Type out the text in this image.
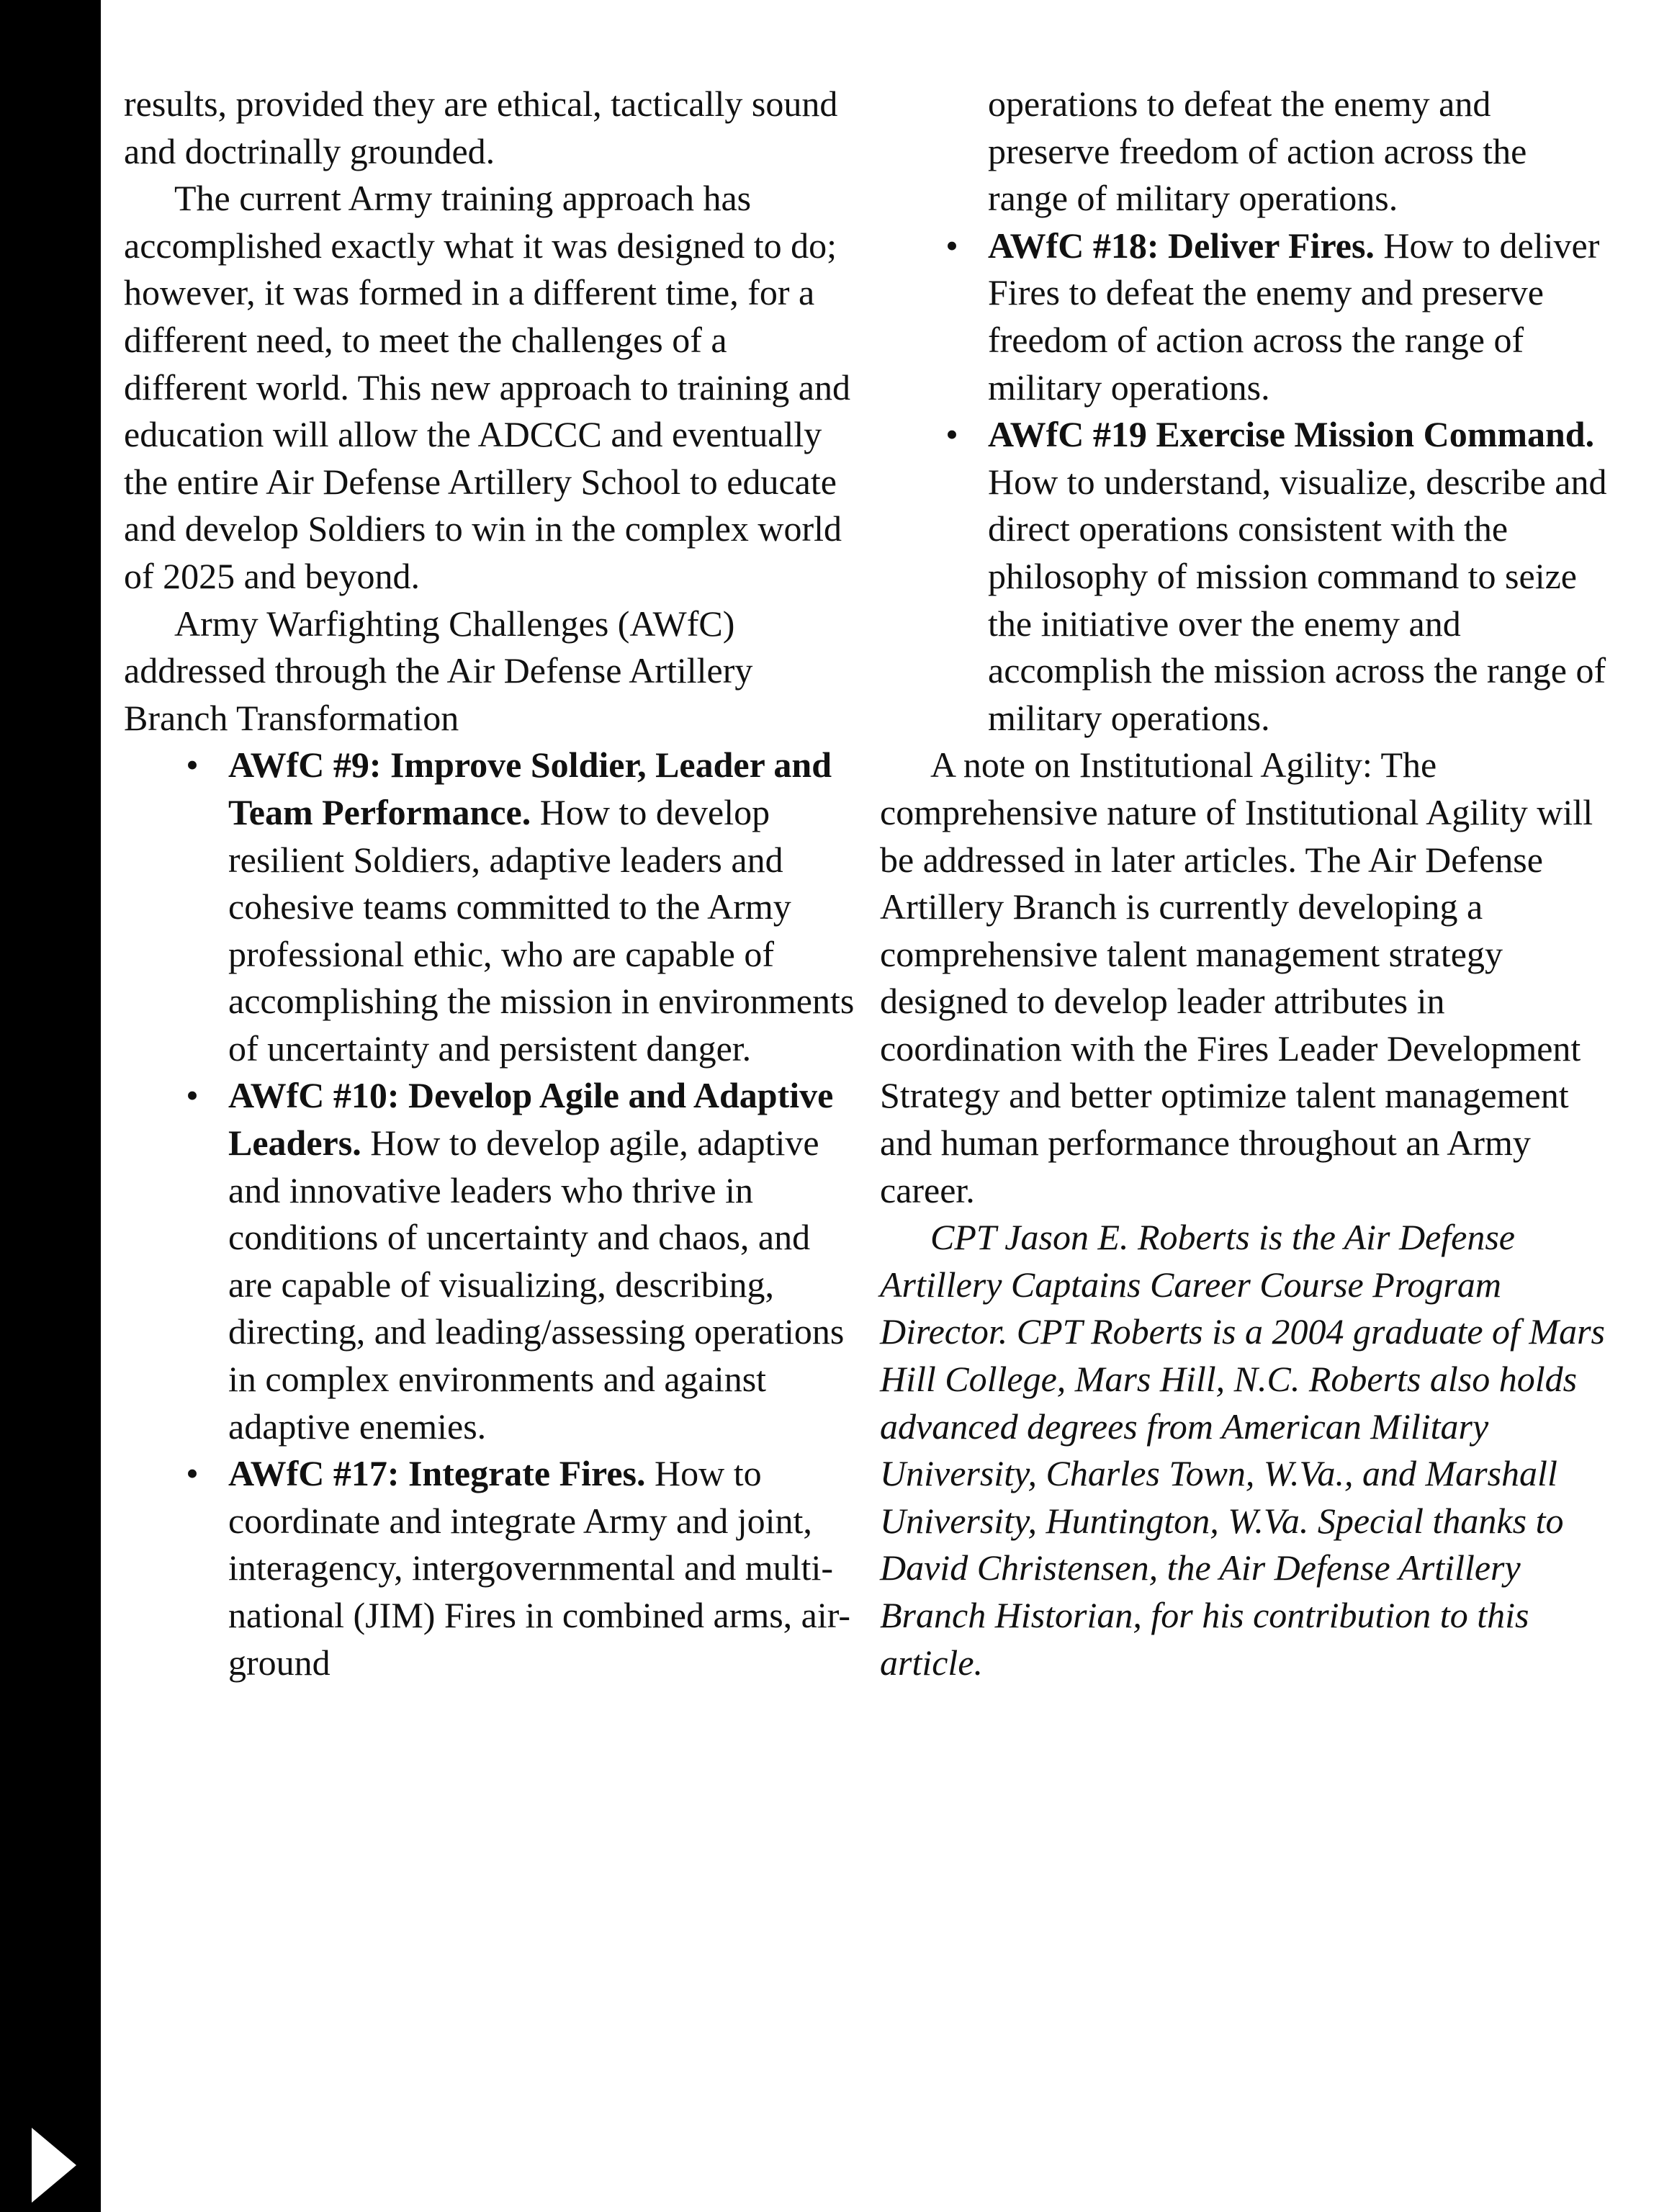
results, provided they are ethical, tactically sound and doctrinally grounded.

The current Army training approach has accomplished exactly what it was designed to do; however, it was formed in a different time, for a different need, to meet the challenges of a different world. This new approach to training and education will allow the ADCCC and eventually the entire Air Defense Artillery School to educate and develop Soldiers to win in the complex world of 2025 and beyond.

Army Warfighting Challenges (AWfC) addressed through the Air Defense Artillery Branch Transformation

• AWfC #9: Improve Soldier, Leader and Team Performance. How to develop resilient Soldiers, adaptive leaders and cohesive teams committed to the Army professional ethic, who are capable of accomplishing the mission in environments of uncertainty and persistent danger.
• AWfC #10: Develop Agile and Adaptive Leaders. How to develop agile, adaptive and innovative leaders who thrive in conditions of uncertainty and chaos, and are capable of visualizing, describing, directing, and leading/assessing operations in complex environments and against adaptive enemies.
• AWfC #17: Integrate Fires. How to coordinate and integrate Army and joint, interagency, intergovernmental and multi-national (JIM) Fires in combined arms, air-ground
operations to defeat the enemy and preserve freedom of action across the range of military operations.
• AWfC #18: Deliver Fires. How to deliver Fires to defeat the enemy and preserve freedom of action across the range of military operations.
• AWfC #19 Exercise Mission Command. How to understand, visualize, describe and direct operations consistent with the philosophy of mission command to seize the initiative over the enemy and accomplish the mission across the range of military operations.

A note on Institutional Agility: The comprehensive nature of Institutional Agility will be addressed in later articles. The Air Defense Artillery Branch is currently developing a comprehensive talent management strategy designed to develop leader attributes in coordination with the Fires Leader Development Strategy and better optimize talent management and human performance throughout an Army career.

CPT Jason E. Roberts is the Air Defense Artillery Captains Career Course Program Director. CPT Roberts is a 2004 graduate of Mars Hill College, Mars Hill, N.C. Roberts also holds advanced degrees from American Military University, Charles Town, W.Va., and Marshall University, Huntington, W.Va. Special thanks to David Christensen, the Air Defense Artillery Branch Historian, for his contribution to this article.
